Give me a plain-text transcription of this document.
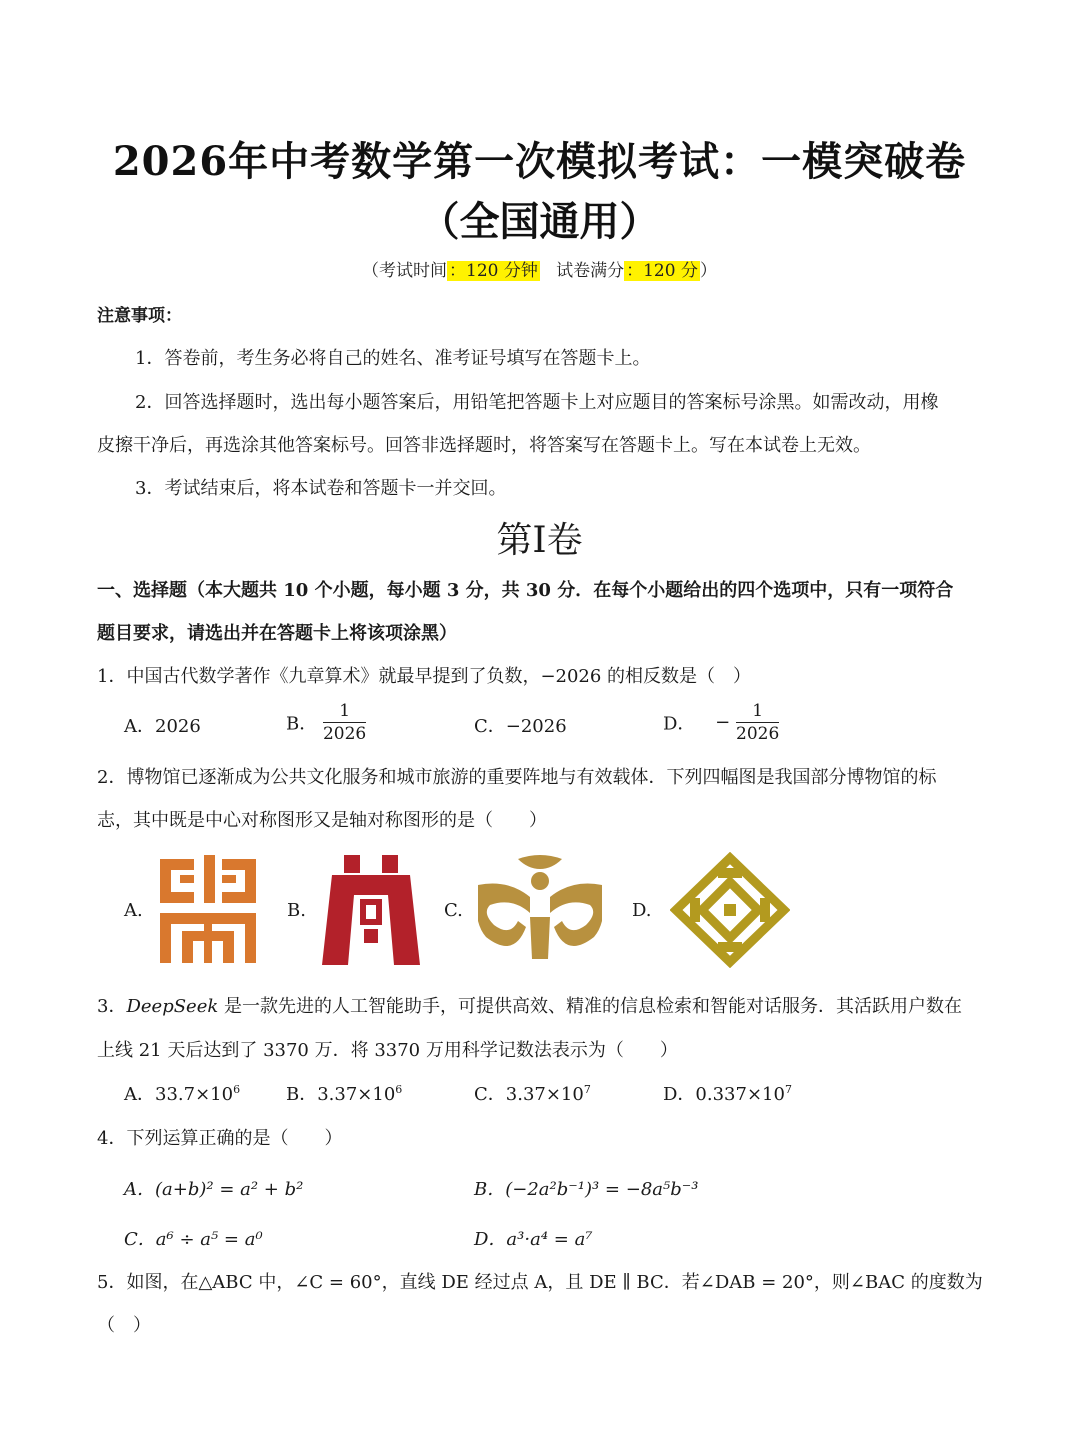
2026年中考数学第一次模拟考试：一模突破卷
（全国通用）
（考试时间 ：120 分钟 试卷满分 ：120 分 ）
注意事项：
1．答卷前，考生务必将自己的姓名、准考证号填写在答题卡上。
2．回答选择题时，选出每小题答案后，用铅笔把答题卡上对应题目的答案标号涂黑。如需改动，用橡
皮擦干净后，再选涂其他答案标号。回答非选择题时，将答案写在答题卡上。写在本试卷上无效。
3．考试结束后，将本试卷和答题卡一并交回。
第Ⅰ卷
一、选择题（本大题共 10 个小题，每小题 3 分，共 30 分．在每个小题给出的四个选项中，只有一项符合
题目要求，请选出并在答题卡上将该项涂黑）
1．中国古代数学著作《九章算术》就最早提到了负数，−2026 的相反数是（　）
A．2026	B． $\frac{1}{2026}$	C．−2026	D． − $\frac{1}{2026}$
2．博物馆已逐渐成为公共文化服务和城市旅游的重要阵地与有效载体．下列四幅图是我国部分博物馆的标
志，其中既是中心对称图形又是轴对称图形的是（　　）
A.	B.	C.	D.
3．DeepSeek 是一款先进的人工智能助手，可提供高效、精准的信息检索和智能对话服务．其活跃用户数在
上线 21 天后达到了 3370 万．将 3370 万用科学记数法表示为（　　）
A．$33.7\times 10^6$	B．$3.37\times 10^6$	C．$3.37\times 10^7$	D．$0.337\times 10^7$
4．下列运算正确的是（　　）
A．(a+b)² = a² + b²	B．(−2a²b⁻¹)³ = −8a⁵b⁻³
C．a⁶ ÷ a⁵ = a⁰	D．a³·a⁴ = a⁷
5．如图，在△ABC 中，∠C = 60°，直线 DE 经过点 A，且 DE ∥ BC．若∠DAB = 20°，则∠BAC 的度数为
（　）
